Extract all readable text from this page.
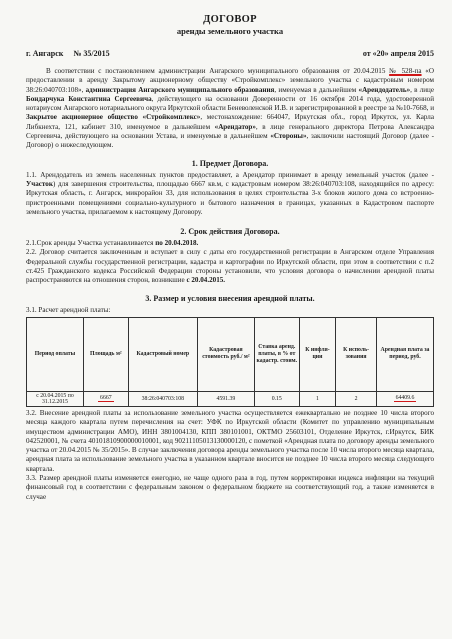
ДОГОВОР
аренды земельного участка
г. Ангарск № 35/2015	от «20» апреля 2015

В соответствии с постановлением администрации Ангарского муниципального образования от 20.04.2015 № 528-па «О предоставлении в аренду Закрытому акционерному обществу «Стройкомплекс» земельного участка с кадастровым номером 38:26:040703:108», администрация Ангарского муниципального образования, именуемая в дальнейшем «Арендодатель», в лице Бондарчука Константина Сергеевича, действующего на основании Доверенности от 16 октября 2014 года, удостоверенной нотариусом Ангарского нотариального округа Иркутской области Беневоленской И.В. и зарегистрированной в реестре за №10-7668, и Закрытое акционерное общество «Стройкомплекс», местонахождение: 664047, Иркутская обл., город Иркутск, ул. Карла Либкнехта, 121, кабинет 310, именуемое в дальнейшем «Арендатор», в лице генерального директора Петрова Александра Сергеевича, действующего на основании Устава, и именуемые в дальнейшем «Стороны», заключили настоящий Договор (далее - Договор) о нижеследующем.

1. Предмет Договора.

1.1. Арендодатель из земель населенных пунктов предоставляет, а Арендатор принимает в аренду земельный участок (далее - Участок) для завершения строительства, площадью 6667 кв.м, с кадастровым номером 38:26:040703:108, находящийся по адресу: Иркутская область, г. Ангарск, микрорайон 33, для использования в целях строительства 3-х блоков жилого дома со встроенно-пристроенными помещениями социально-культурного и бытового назначения в границах, указанных в Кадастровом паспорте земельного участка, прилагаемом к настоящему Договору.

2. Срок действия Договора.

2.1.Срок аренды Участка устанавливается по 20.04.2018.

2.2. Договор считается заключенным и вступает в силу с даты его государственной регистрации в Ангарском отделе Управления Федеральной службы государственной регистрации, кадастра и картографии по Иркутской области, при этом в соответствии с п.2 ст.425 Гражданского кодекса Российской Федерации стороны установили, что условия договора о начислении арендной платы распространяются на отношения сторон, возникшие с 20.04.2015.

3. Размер и условия внесения арендной платы.
3.1. Расчет арендной платы:
Период оплаты	Площадь м²	Кадастровый номер	Кадастровая стоимость руб./ м²	Ставка аренд. платы, в % от кадастр. стоим.	К инфля-ции	К исполь-зования	Арендная плата за период, руб.
с 20.04.2015 по 31.12.2015	6667	38:26:040703:108	4591.39	0.15	1	2	64409.6

3.2. Внесение арендной платы за использование земельного участка осуществляется ежеквартально не позднее 10 числа второго месяца каждого квартала путем перечисления на счет: УФК по Иркутской области (Комитет по управлению муниципальным имуществом администрации АМО), ИНН 3801004130, КПП 380101001, ОКТМО 25603101, Отделение Иркутск, г.Иркутск, БИК 042520001, № счета 40101810900000010001, код 90211105013130000120, с пометкой «Арендная плата по договору аренды земельного участка от 20.04.2015 № 35/2015». В случае заключения договора аренды земельного участка после 10 числа второго месяца квартала, арендная плата за использование земельного участка в указанном квартале вносится не позднее 10 числа второго месяца следующего квартала.

3.3. Размер арендной платы изменяется ежегодно, не чаще одного раза в год, путем корректировки индекса инфляции на текущий финансовый год в соответствии с федеральным законом о федеральном бюджете на соответствующий год, а также изменяется в случае
